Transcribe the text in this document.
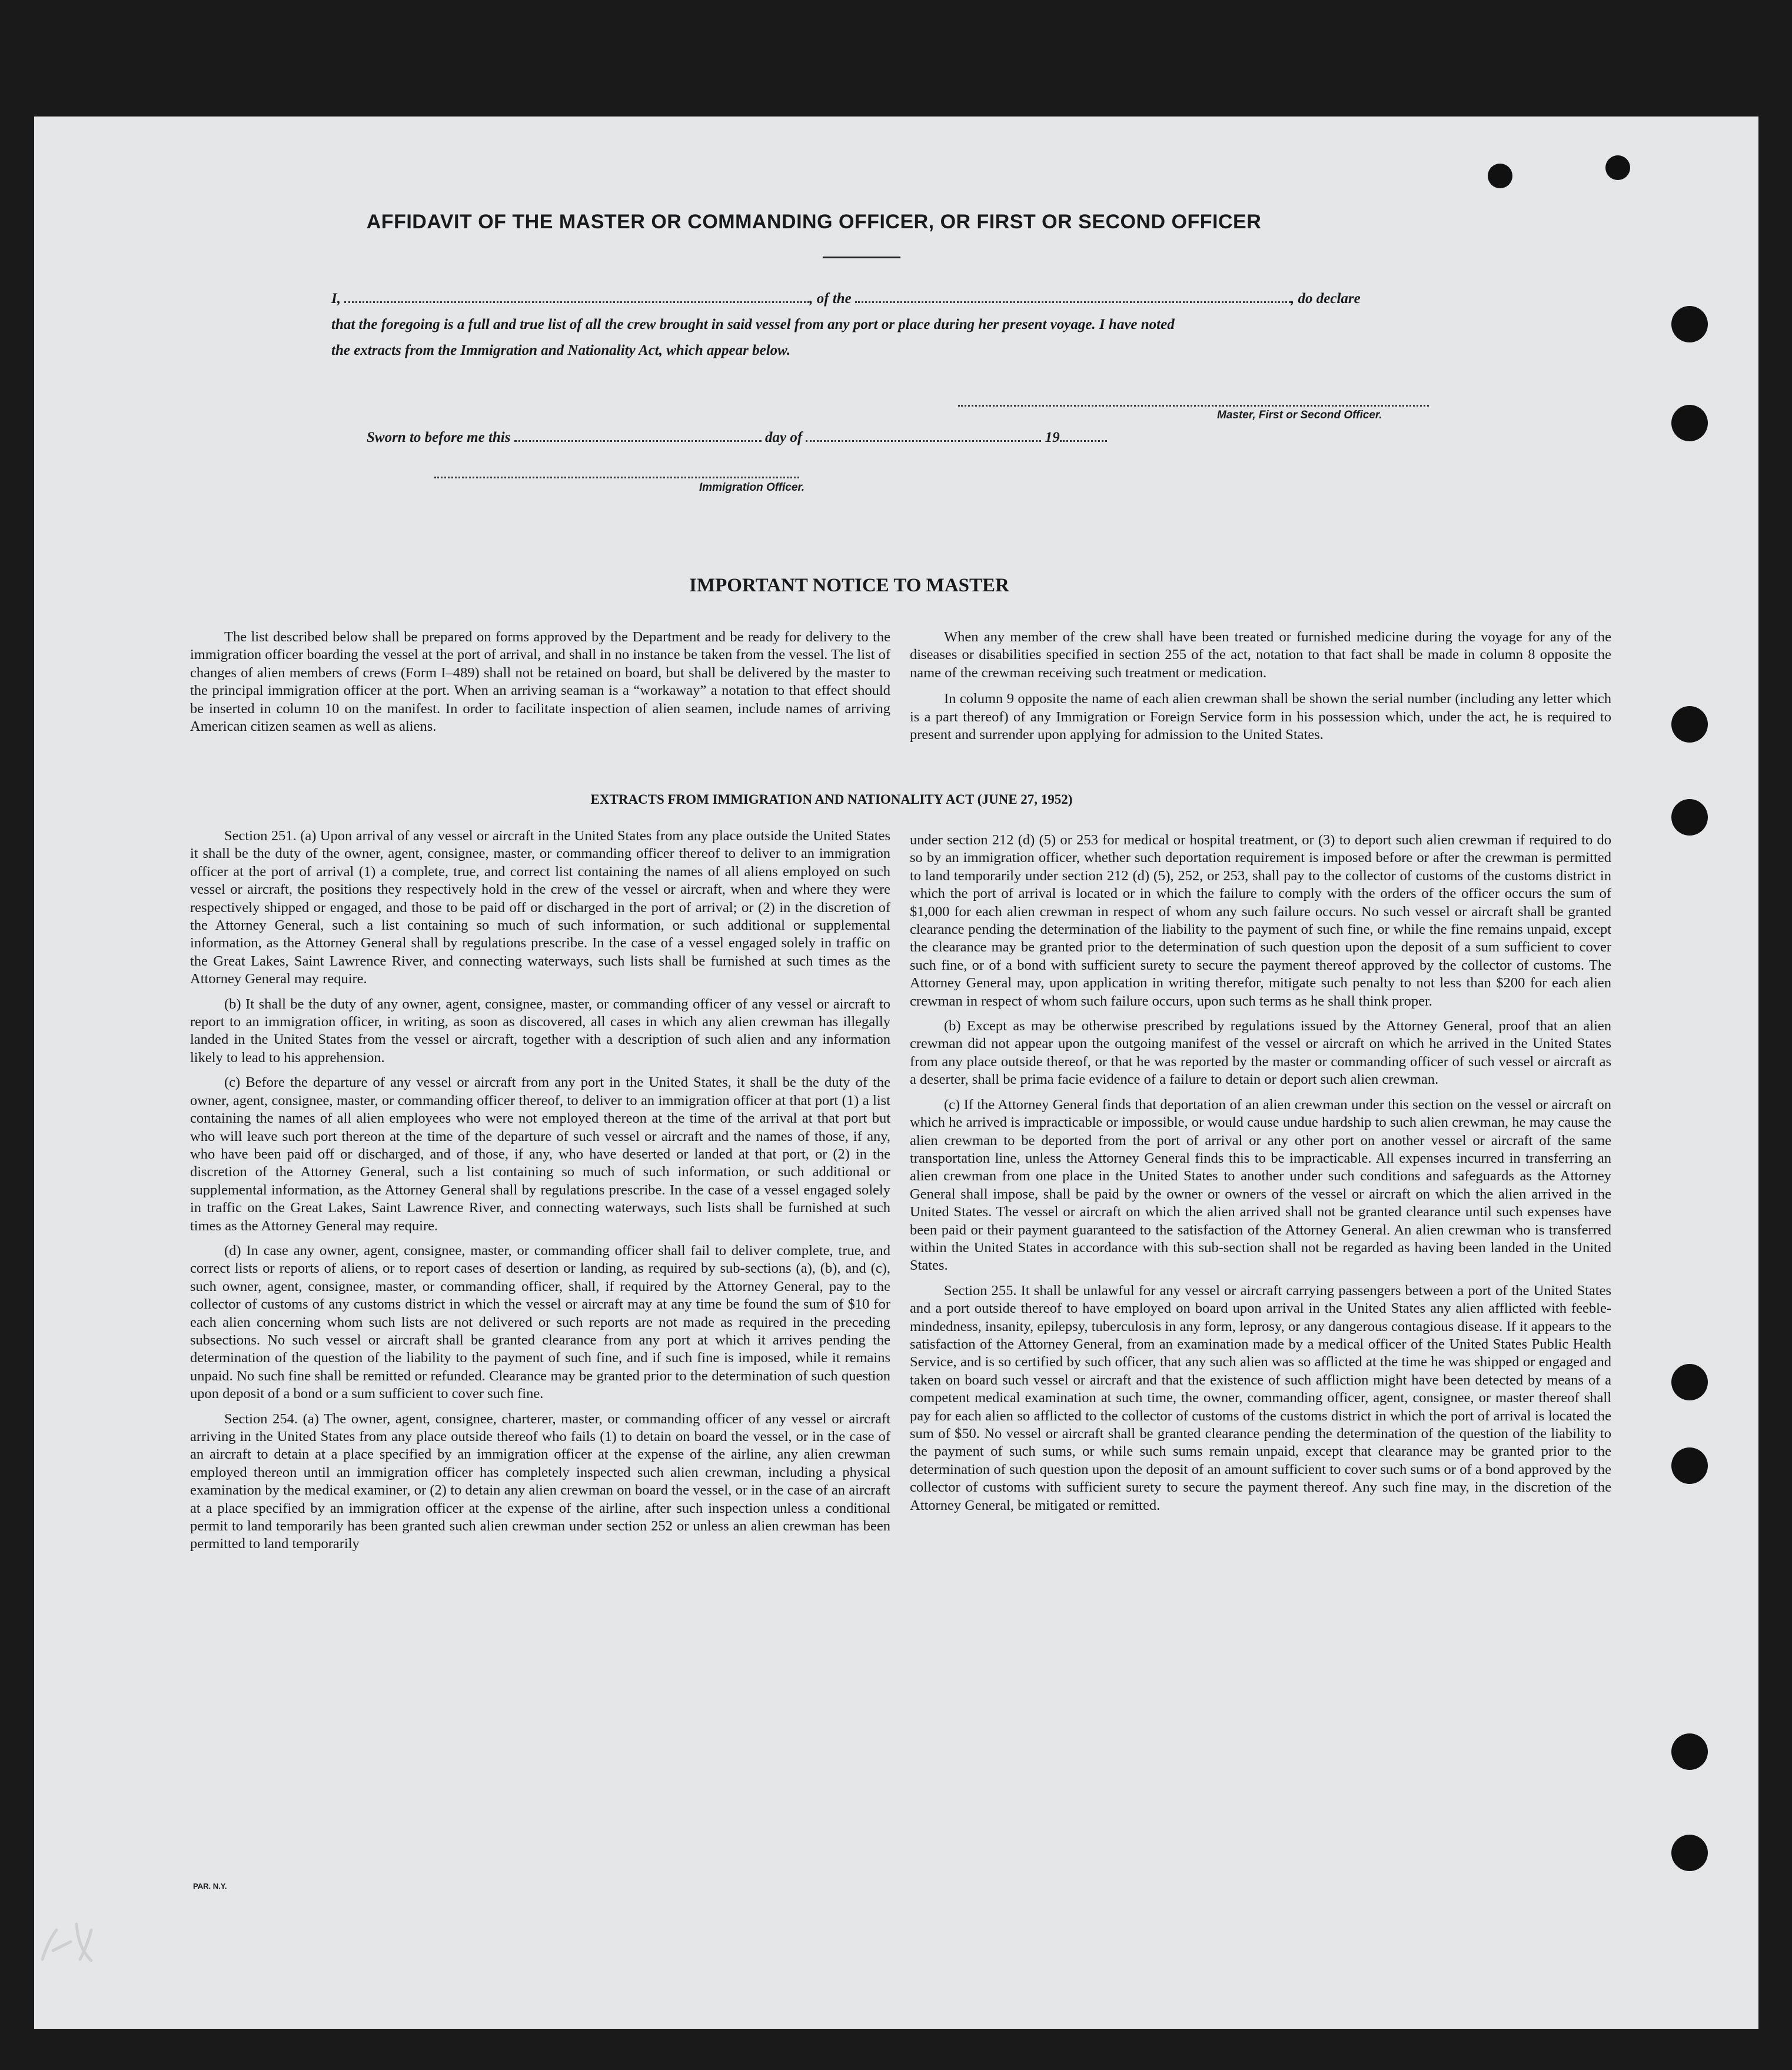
AFFIDAVIT OF THE MASTER OR COMMANDING OFFICER, OR FIRST OR SECOND OFFICER
I,	, of the	, do declare
that the foregoing is a full and true list of all the crew brought in said vessel from any port or place during her present voyage. I have noted
the extracts from the Immigration and Nationality Act, which appear below.
Master, First or Second Officer.
Sworn to before me this	day of	19
Immigration Officer.
IMPORTANT NOTICE TO MASTER

The list described below shall be prepared on forms approved by the Department and be ready for delivery to the immigration officer boarding the vessel at the port of arrival, and shall in no instance be taken from the vessel. The list of changes of alien members of crews (Form I–489) shall not be retained on board, but shall be delivered by the master to the principal immigration officer at the port. When an arriving seaman is a “workaway” a notation to that effect should be inserted in column 10 on the manifest. In order to facilitate inspection of alien seamen, include names of arriving American citizen seamen as well as aliens.

When any member of the crew shall have been treated or furnished medicine during the voyage for any of the diseases or disabilities specified in section 255 of the act, notation to that fact shall be made in column 8 opposite the name of the crewman receiving such treatment or medication.

In column 9 opposite the name of each alien crewman shall be shown the serial number (including any letter which is a part thereof) of any Immigration or Foreign Service form in his possession which, under the act, he is required to present and surrender upon applying for admission to the United States.

EXTRACTS FROM IMMIGRATION AND NATIONALITY ACT (JUNE 27, 1952)

Section 251. (a) Upon arrival of any vessel or aircraft in the United States from any place outside the United States it shall be the duty of the owner, agent, consignee, master, or commanding officer thereof to deliver to an immigration officer at the port of arrival (1) a complete, true, and correct list containing the names of all aliens employed on such vessel or aircraft, the positions they respectively hold in the crew of the vessel or aircraft, when and where they were respectively shipped or engaged, and those to be paid off or discharged in the port of arrival; or (2) in the discretion of the Attorney General, such a list containing so much of such information, or such additional or supplemental information, as the Attorney General shall by regulations prescribe. In the case of a vessel engaged solely in traffic on the Great Lakes, Saint Lawrence River, and connecting waterways, such lists shall be furnished at such times as the Attorney General may require.

(b) It shall be the duty of any owner, agent, consignee, master, or commanding officer of any vessel or aircraft to report to an immigration officer, in writing, as soon as discovered, all cases in which any alien crewman has illegally landed in the United States from the vessel or aircraft, together with a description of such alien and any information likely to lead to his apprehension.

(c) Before the departure of any vessel or aircraft from any port in the United States, it shall be the duty of the owner, agent, consignee, master, or commanding officer thereof, to deliver to an immigration officer at that port (1) a list containing the names of all alien employees who were not employed thereon at the time of the arrival at that port but who will leave such port thereon at the time of the departure of such vessel or aircraft and the names of those, if any, who have been paid off or discharged, and of those, if any, who have deserted or landed at that port, or (2) in the discretion of the Attorney General, such a list containing so much of such information, or such additional or supplemental information, as the Attorney General shall by regulations prescribe. In the case of a vessel engaged solely in traffic on the Great Lakes, Saint Lawrence River, and connecting waterways, such lists shall be furnished at such times as the Attorney General may require.

(d) In case any owner, agent, consignee, master, or commanding officer shall fail to deliver complete, true, and correct lists or reports of aliens, or to report cases of desertion or landing, as required by sub-sections (a), (b), and (c), such owner, agent, consignee, master, or commanding officer, shall, if required by the Attorney General, pay to the collector of customs of any customs district in which the vessel or aircraft may at any time be found the sum of $10 for each alien concerning whom such lists are not delivered or such reports are not made as required in the preceding subsections. No such vessel or aircraft shall be granted clearance from any port at which it arrives pending the determination of the question of the liability to the payment of such fine, and if such fine is imposed, while it remains unpaid. No such fine shall be remitted or refunded. Clearance may be granted prior to the determination of such question upon deposit of a bond or a sum sufficient to cover such fine.

Section 254. (a) The owner, agent, consignee, charterer, master, or commanding officer of any vessel or aircraft arriving in the United States from any place outside thereof who fails (1) to detain on board the vessel, or in the case of an aircraft to detain at a place specified by an immigration officer at the expense of the airline, any alien crewman employed thereon until an immigration officer has completely inspected such alien crewman, including a physical examination by the medical examiner, or (2) to detain any alien crewman on board the vessel, or in the case of an aircraft at a place specified by an immigration officer at the expense of the airline, after such inspection unless a conditional permit to land temporarily has been granted such alien crewman under section 252 or unless an alien crewman has been permitted to land temporarily

under section 212 (d) (5) or 253 for medical or hospital treatment, or (3) to deport such alien crewman if required to do so by an immigration officer, whether such deportation requirement is imposed before or after the crewman is permitted to land temporarily under section 212 (d) (5), 252, or 253, shall pay to the collector of customs of the customs district in which the port of arrival is located or in which the failure to comply with the orders of the officer occurs the sum of $1,000 for each alien crewman in respect of whom any such failure occurs. No such vessel or aircraft shall be granted clearance pending the determination of the liability to the payment of such fine, or while the fine remains unpaid, except the clearance may be granted prior to the determination of such question upon the deposit of a sum sufficient to cover such fine, or of a bond with sufficient surety to secure the payment thereof approved by the collector of customs. The Attorney General may, upon application in writing therefor, mitigate such penalty to not less than $200 for each alien crewman in respect of whom such failure occurs, upon such terms as he shall think proper.

(b) Except as may be otherwise prescribed by regulations issued by the Attorney General, proof that an alien crewman did not appear upon the outgoing manifest of the vessel or aircraft on which he arrived in the United States from any place outside thereof, or that he was reported by the master or commanding officer of such vessel or aircraft as a deserter, shall be prima facie evidence of a failure to detain or deport such alien crewman.

(c) If the Attorney General finds that deportation of an alien crewman under this section on the vessel or aircraft on which he arrived is impracticable or impossible, or would cause undue hardship to such alien crewman, he may cause the alien crewman to be deported from the port of arrival or any other port on another vessel or aircraft of the same transportation line, unless the Attorney General finds this to be impracticable. All expenses incurred in transferring an alien crewman from one place in the United States to another under such conditions and safeguards as the Attorney General shall impose, shall be paid by the owner or owners of the vessel or aircraft on which the alien arrived in the United States. The vessel or aircraft on which the alien arrived shall not be granted clearance until such expenses have been paid or their payment guaranteed to the satisfaction of the Attorney General. An alien crewman who is transferred within the United States in accordance with this sub-section shall not be regarded as having been landed in the United States.

Section 255. It shall be unlawful for any vessel or aircraft carrying passengers between a port of the United States and a port outside thereof to have employed on board upon arrival in the United States any alien afflicted with feeble-mindedness, insanity, epilepsy, tuberculosis in any form, leprosy, or any dangerous contagious disease. If it appears to the satisfaction of the Attorney General, from an examination made by a medical officer of the United States Public Health Service, and is so certified by such officer, that any such alien was so afflicted at the time he was shipped or engaged and taken on board such vessel or aircraft and that the existence of such affliction might have been detected by means of a competent medical examination at such time, the owner, commanding officer, agent, consignee, or master thereof shall pay for each alien so afflicted to the collector of customs of the customs district in which the port of arrival is located the sum of $50. No vessel or aircraft shall be granted clearance pending the determination of the question of the liability to the payment of such sums, or while such sums remain unpaid, except that clearance may be granted prior to the determination of such question upon the deposit of an amount sufficient to cover such sums or of a bond approved by the collector of customs with sufficient surety to secure the payment thereof. Any such fine may, in the discretion of the Attorney General, be mitigated or remitted.

PAR. N.Y.
